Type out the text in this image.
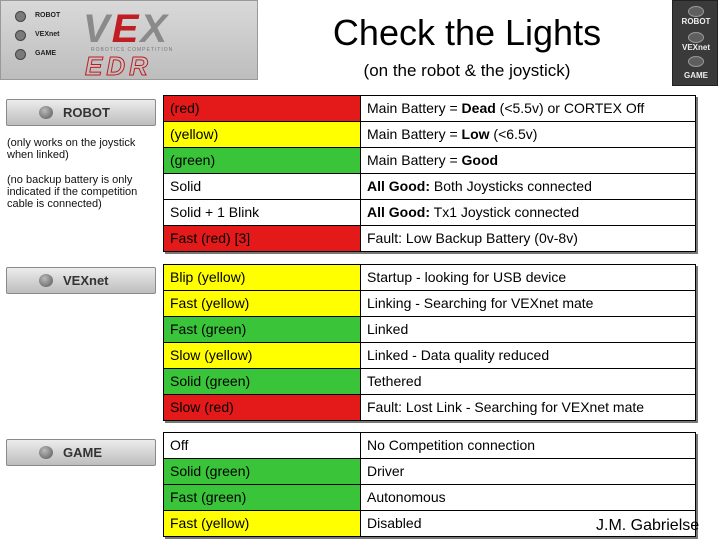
ROBOT
VEXnet
GAME
VEX
ROBOTICS COMPETITION
EDR
Check the Lights
(on the robot & the joystick)
ROBOT
VEXnet
GAME
ROBOT
(only works on the joystick when linked)
(no backup battery is only indicated if the competition cable is connected)
VEXnet
GAME
(red)	Main Battery = Dead (<5.5v) or CORTEX Off
(yellow)	Main Battery = Low (<6.5v)
(green)	Main Battery = Good
Solid	All Good: Both Joysticks connected
Solid + 1 Blink	All Good: Tx1 Joystick connected
Fast (red) [3]	Fault: Low Backup Battery (0v-8v)
Blip (yellow)	Startup - looking for USB device
Fast (yellow)	Linking - Searching for VEXnet mate
Fast (green)	Linked
Slow (yellow)	Linked - Data quality reduced
Solid (green)	Tethered
Slow (red)	Fault: Lost Link - Searching for VEXnet mate
Off	No Competition connection
Solid (green)	Driver
Fast (green)	Autonomous
Fast (yellow)	Disabled	J.M. Gabrielse
